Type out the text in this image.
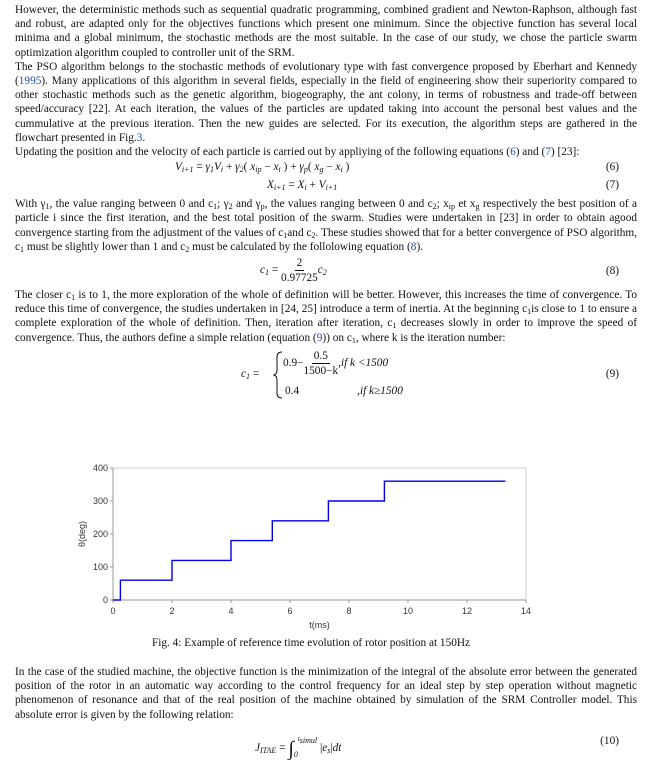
However, the deterministic methods such as sequential quadratic programming, combined gradient and Newton-Raphson, although fast and robust, are adapted only for the objectives functions which present one minimum. Since the objective function has several local minima and a global minimum, the stochastic methods are the most suitable. In the case of our study, we chose the particle swarm optimization algorithm coupled to controller unit of the SRM.

The PSO algorithm belongs to the stochastic methods of evolutionary type with fast convergence proposed by Eberhart and Kennedy (1995). Many applications of this algorithm in several fields, especially in the field of engineering show their superiority compared to other stochastic methods such as the genetic algorithm, biogeography, the ant colony, in terms of robustness and trade-off between speed/accuracy [22]. At each iteration, the values of the particles are updated taking into account the personal best values and the cummulative at the previous iteration. Then the new guides are selected. For its execution, the algorithm steps are gathered in the flowchart presented in Fig.3.

Updating the position and the velocity of each particle is carried out by appliying of the following equations (6) and (7) [23]:

$V_{i+1} = \gamma_1V_i + \gamma_2$( $x_{ip} - x_i$ ) + $\gamma_p$( $x_g - x_i$ )	(6)
$X_{i+1} = X_i + V_{i+1}$	(7)

With $\gamma_1$, the value ranging between 0 and $c_1$; $\gamma_2$ and $\gamma_p$, the values ranging between 0 and $c_2$; $x_{ip}$ et $x_g$ respectively the best position of a particle i since the first iteration, and the best total position of the swarm. Studies were undertaken in [23] in order to obtain agood convergence starting from the adjustment of the values of $c_1and$ $c_2$. These studies showed that for a better convergence of PSO algorithm, $c_1$ must be slightly lower than 1 and $c_2$ must be calculated by the follolowing equation (8).

$c_1 = \frac{2}{0.97725} c_2$	(8)

The closer $c_1$ is to 1, the more exploration of the whole of definition will be better. However, this increases the time of convergence. To reduce this time of convergence, the studies undertaken in [24, 25] introduce a term of inertia. At the beginning $c_1is$ close to 1 to ensure a complete exploration of the whole of definition. Then, iteration after iteration, $c_1$ decreases slowly in order to improve the speed of convergence. Thus, the authors define a simple relation (equation (9)) on $c_1$, where k is the iteration number:

$c_1$ =
$0.9- \frac{0.5}{1500-k} ,if$ k <1500
0.4	,if k≥1500
(9)
0	2	4	6	8	10	12	14
0
100
200
300
400
t(ms)
θ(deg)
Fig. 4: Example of reference time evolution of rotor position at 150Hz

In the case of the studied machine, the objective function is the minimization of the integral of the absolute error between the generated position of the rotor in an automatic way according to the control frequency for an ideal step by step operation without magnetic phenomenon of resonance and that of the real position of the machine obtained by simulation of the SRM Controller model. This absolute error is given by the following relation:

$J_{ITAE} = \int_0^{t_{simul}}$ $|e_s|dt$
(10)
